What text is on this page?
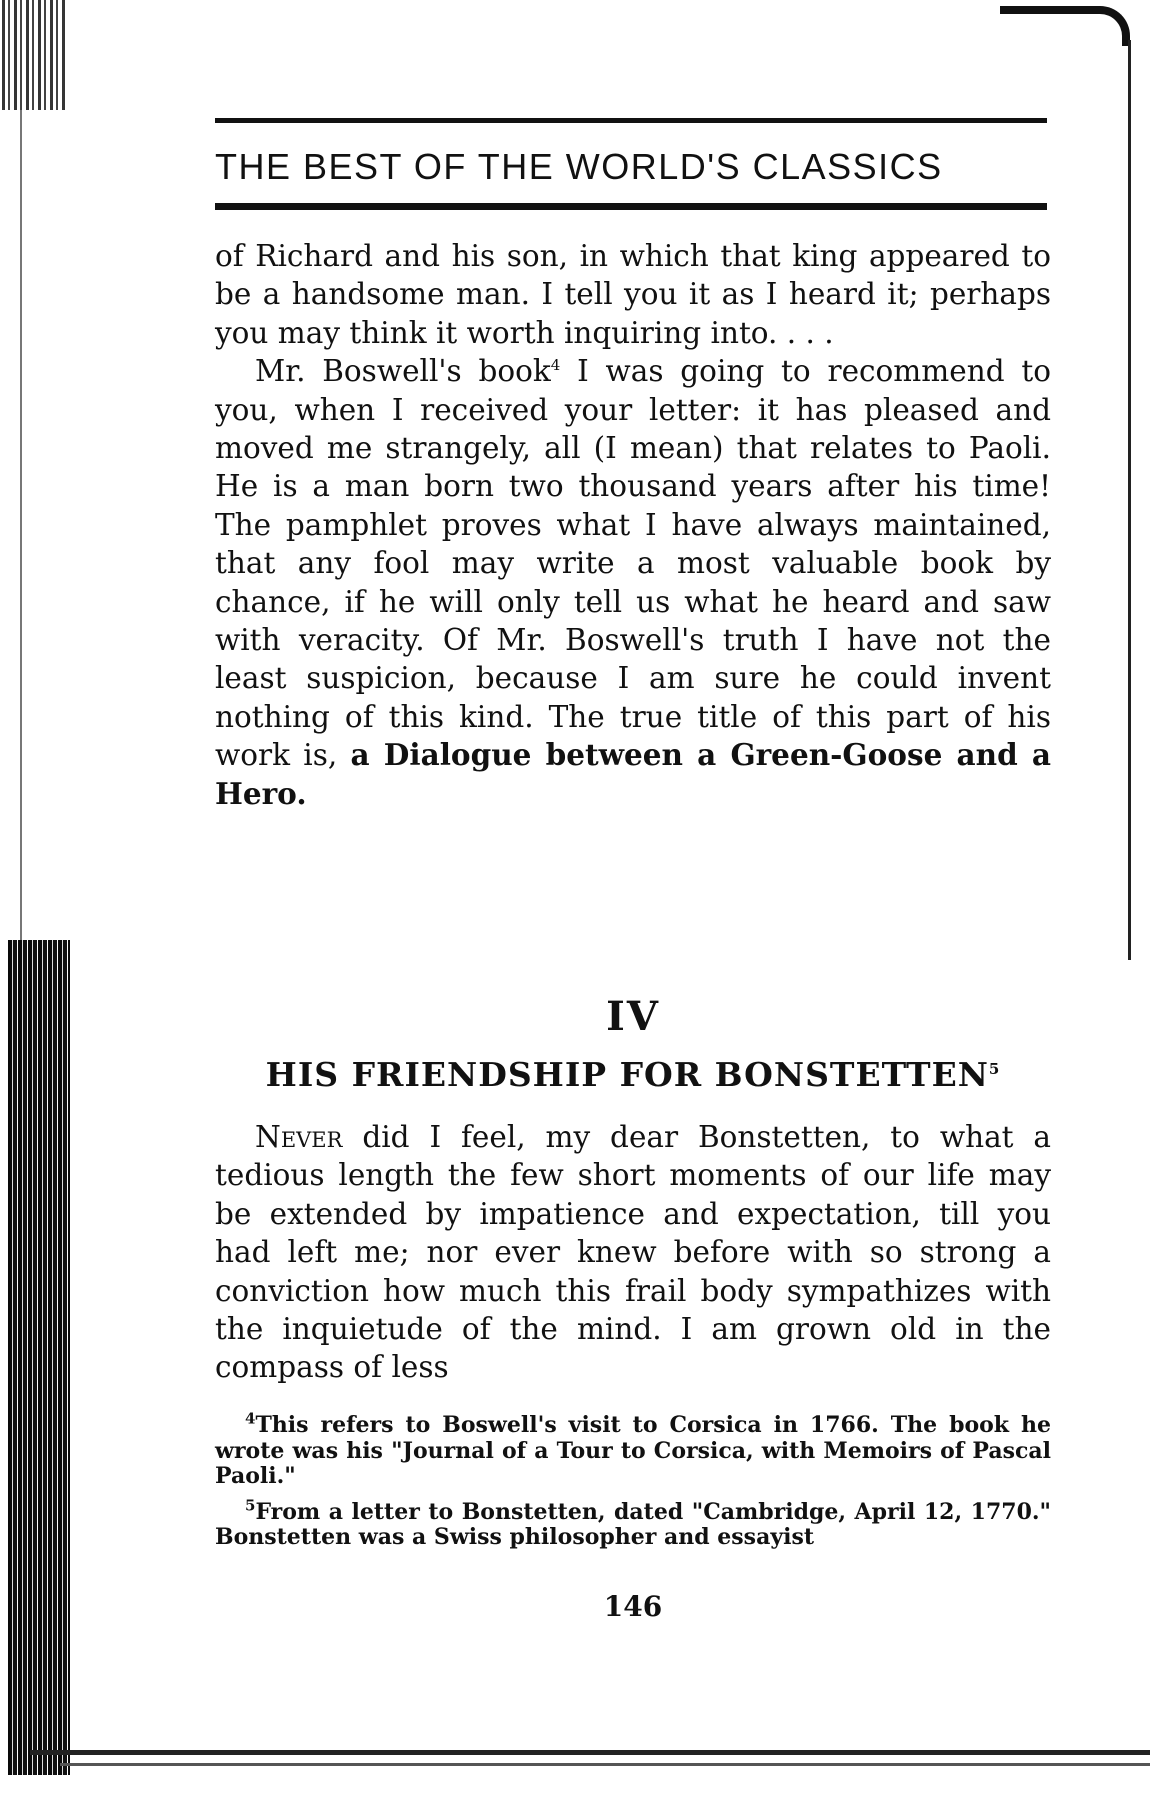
THE BEST OF THE WORLD'S CLASSICS

of Richard and his son, in which that king appeared to be a handsome man. I tell you it as I heard it; perhaps you may think it worth inquiring into. . . .

Mr. Boswell's book$^4$ I was going to recommend to you, when I received your letter: it has pleased and moved me strangely, all (I mean) that relates to Paoli. He is a man born two thousand years after his time! The pamphlet proves what I have always maintained, that any fool may write a most valuable book by chance, if he will only tell us what he heard and saw with veracity. Of Mr. Boswell's truth I have not the least suspicion, because I am sure he could invent nothing of this kind. The true title of this part of his work is, a Dialogue between a Green-Goose and a Hero.

IV
HIS FRIENDSHIP FOR BONSTETTEN$^5$

Never did I feel, my dear Bonstetten, to what a tedious length the few short moments of our life may be extended by impatience and expectation, till you had left me; nor ever knew before with so strong a conviction how much this frail body sympathizes with the inquietude of the mind. I am grown old in the compass of less

$^4$This refers to Boswell's visit to Corsica in 1766. The book he wrote was his "Journal of a Tour to Corsica, with Memoirs of Pascal Paoli."

$^5$From a letter to Bonstetten, dated "Cambridge, April 12, 1770." Bonstetten was a Swiss philosopher and essayist

146
